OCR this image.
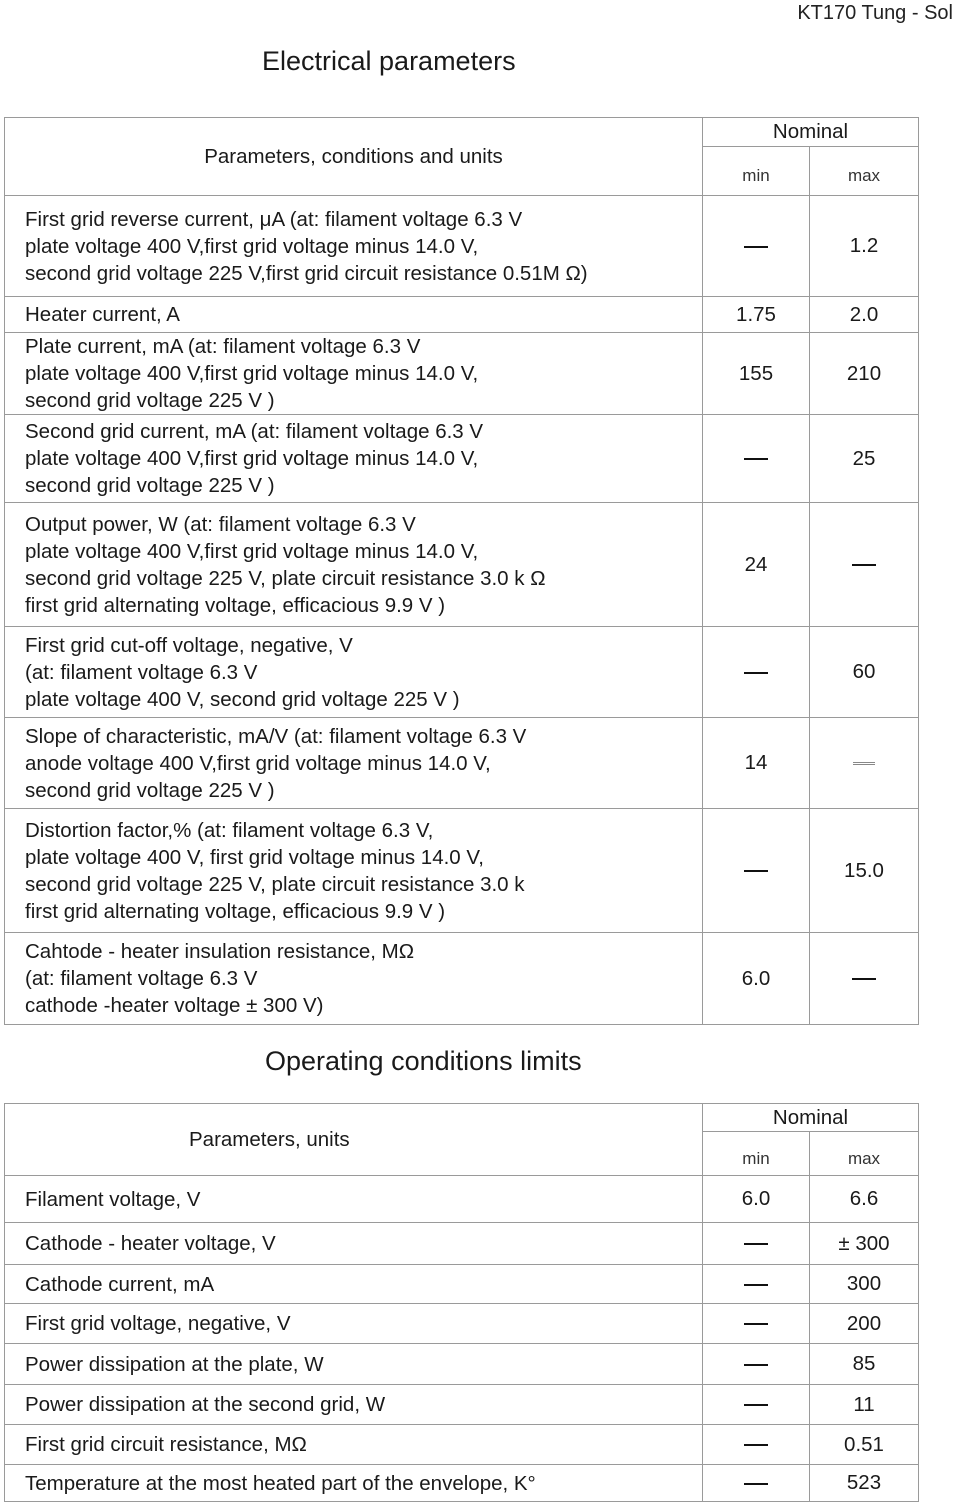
KT170 Tung - Sol
Electrical parameters
Parameters, conditions and units	Nominal	
	min	max

First grid reverse current, μA (at: filament voltage 6.3 V
plate voltage 400 V,first grid voltage minus 14.0 V,
second grid voltage 225 V,first grid circuit resistance 0.51M Ω)		1.2

Heater current, A	1.75	2.0

Plate current, mA (at: filament voltage 6.3 V
plate voltage 400 V,first grid voltage minus 14.0 V,
second grid voltage 225 V )	155	210

Second grid current, mA (at: filament voltage 6.3 V
plate voltage 400 V,first grid voltage minus 14.0 V,
second grid voltage 225 V )		25

Output power, W (at: filament voltage 6.3 V
plate voltage 400 V,first grid voltage minus 14.0 V,
second grid voltage 225 V, plate circuit resistance 3.0 k Ω
first grid alternating voltage, efficacious 9.9 V )	24	

First grid cut-off voltage, negative, V
(at: filament voltage 6.3 V
plate voltage 400 V, second grid voltage 225 V )		60

Slope of characteristic, mA/V (at: filament voltage 6.3 V
anode voltage 400 V,first grid voltage minus 14.0 V,
second grid voltage 225 V )	14	

Distortion factor,% (at: filament voltage 6.3 V,
plate voltage 400 V, first grid voltage minus 14.0 V,
second grid voltage 225 V, plate circuit resistance 3.0 k
first grid alternating voltage, efficacious 9.9 V )		15.0

Cahtode - heater insulation resistance, MΩ
(at: filament voltage 6.3 V
cathode -heater voltage ± 300 V)	6.0	
Operating conditions limits
Parameters, units	Nominal	
	min	max
Filament voltage, V	6.0	6.6
Cathode - heater voltage, V		± 300
Cathode current, mA		300
First grid voltage, negative, V		200
Power dissipation at the plate, W		85
Power dissipation at the second grid, W		11
First grid circuit resistance, MΩ		0.51
Temperature at the most heated part of the envelope, K°		523
